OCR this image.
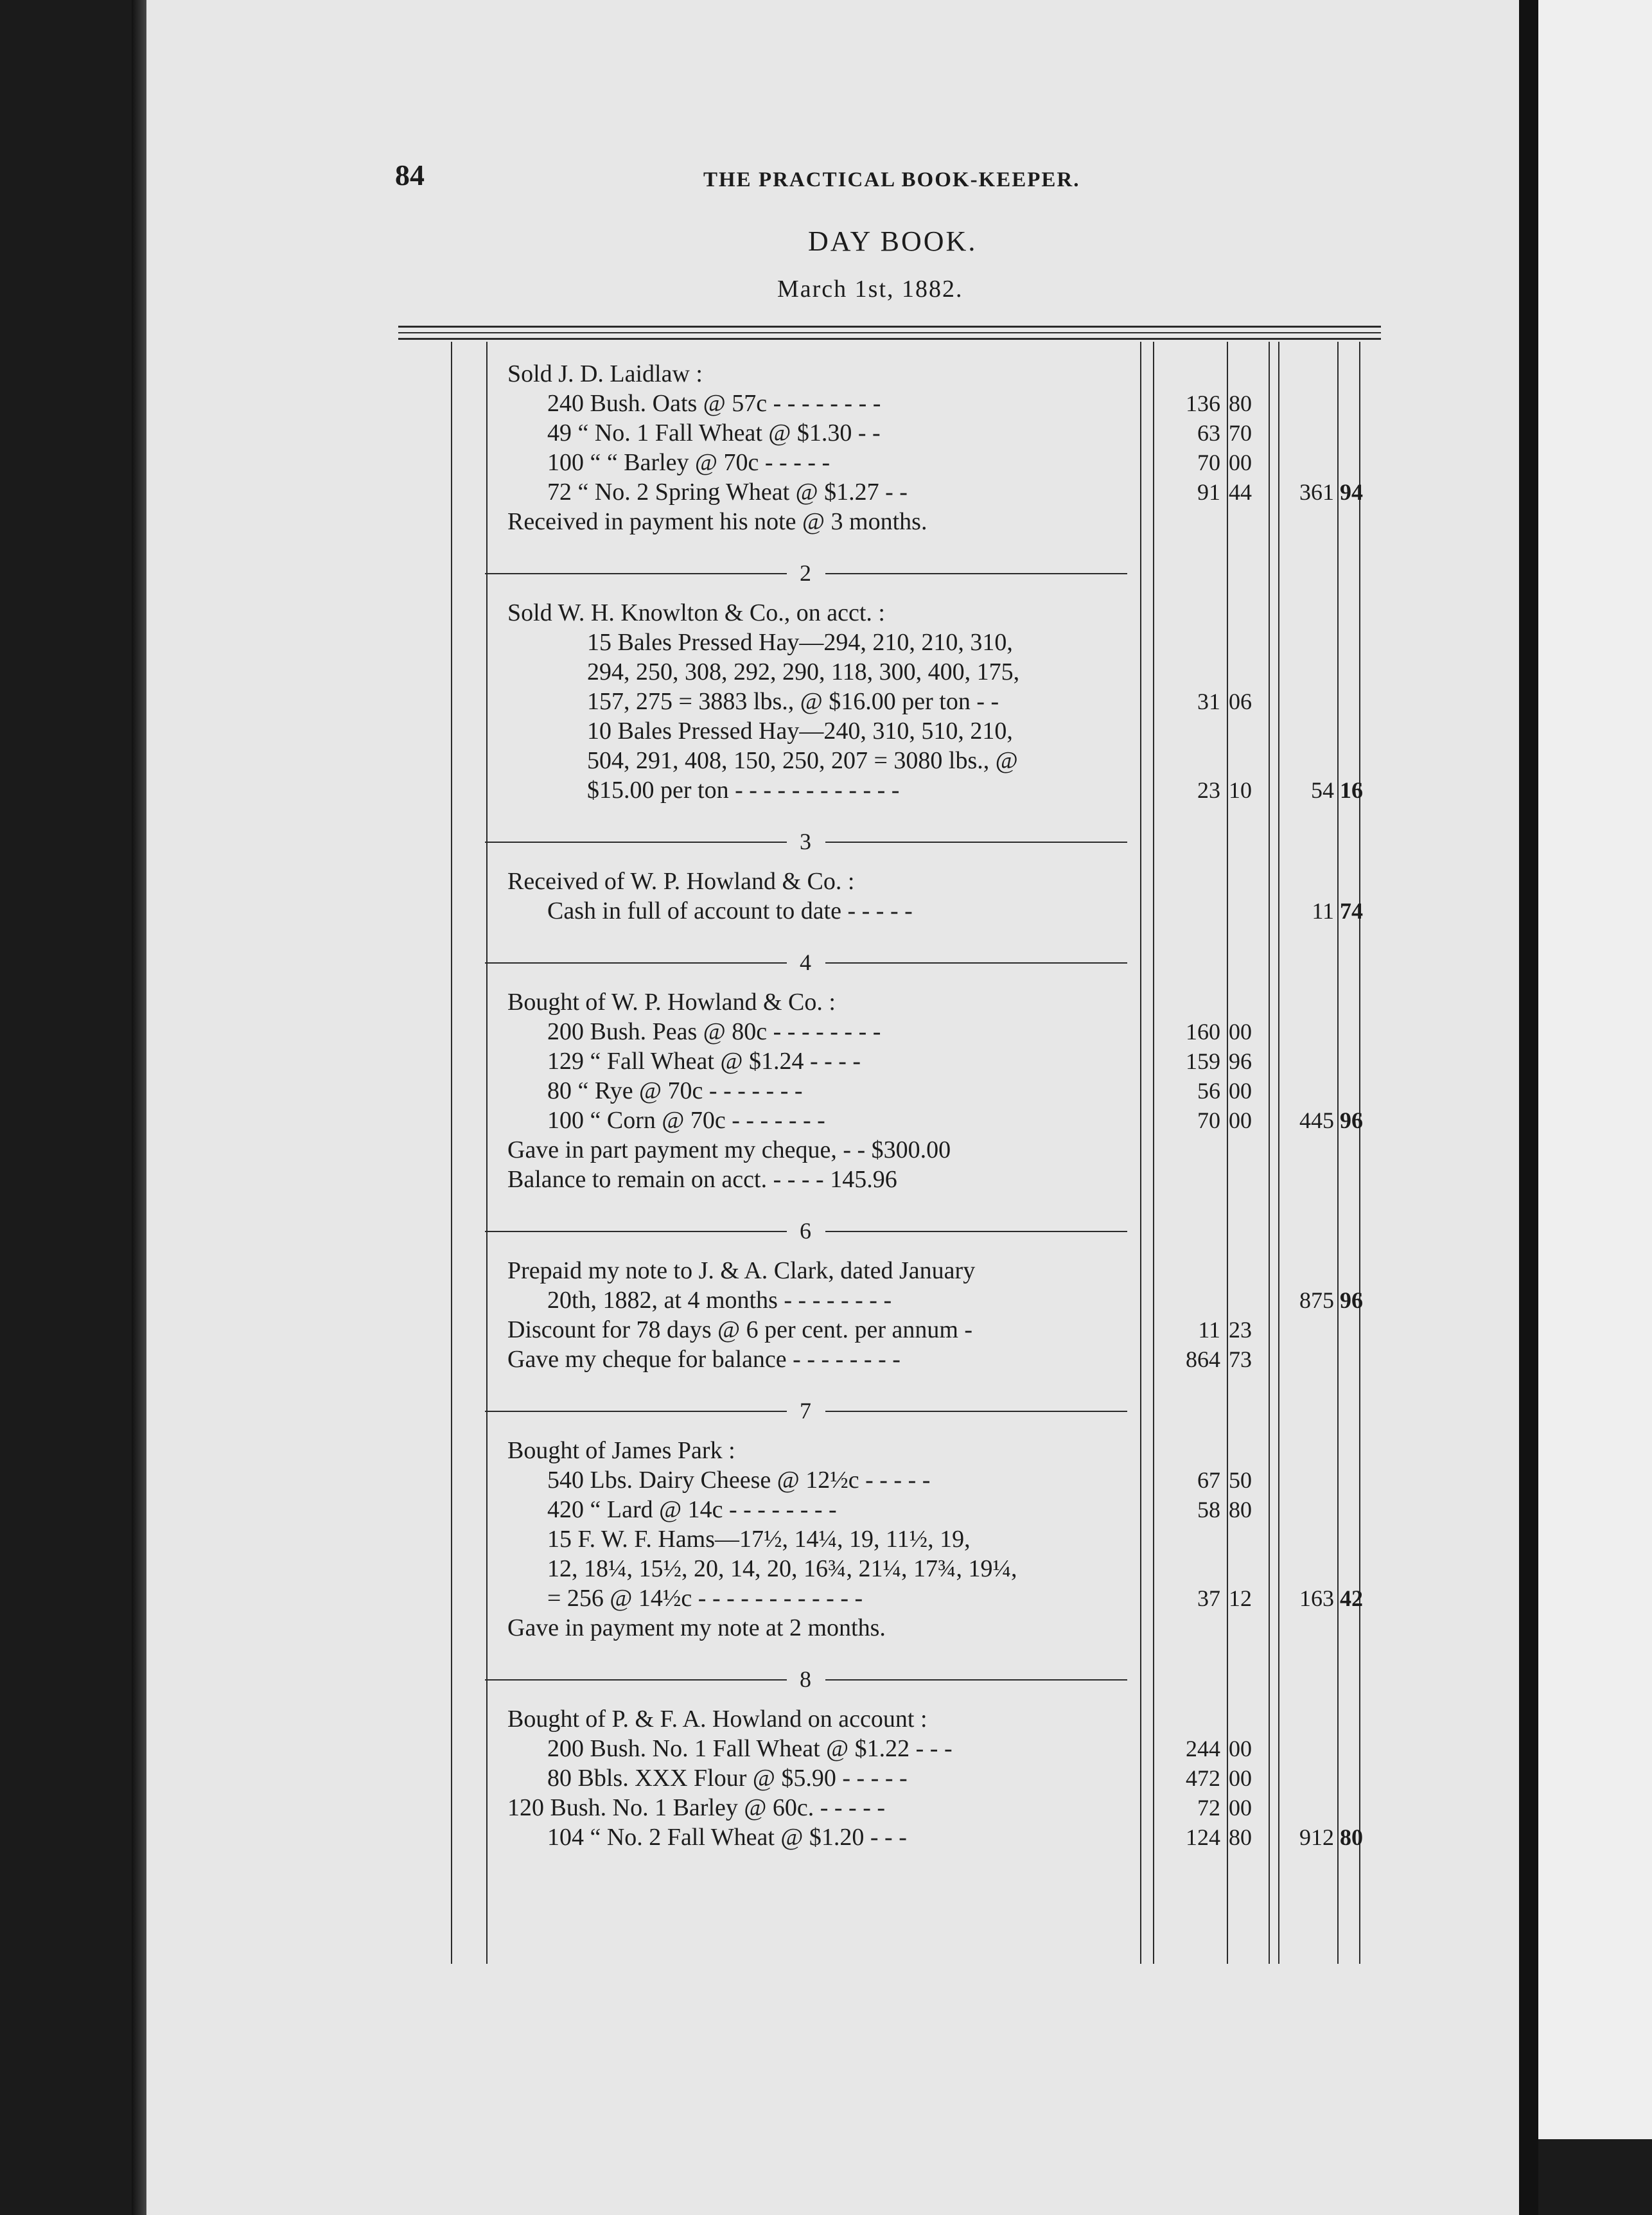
84	THE PRACTICAL BOOK-KEEPER.
DAY BOOK.
March 1st, 1882.
Sold J. D. Laidlaw :
240 Bush. Oats @ 57c - - - - - - - -	136 80
49 “ No. 1 Fall Wheat @ $1.30 - -	63 70
100 “ “ Barley @ 70c - - - - -	70 00
72 “ No. 2 Spring Wheat @ $1.27 - -	91 44	361 94
Received in payment his note @ 3 months.
2
Sold W. H. Knowlton & Co., on acct. :
15 Bales Pressed Hay—294, 210, 210, 310,
294, 250, 308, 292, 290, 118, 300, 400, 175,
157, 275 = 3883 lbs., @ $16.00 per ton - -	31 06
10 Bales Pressed Hay—240, 310, 510, 210,
504, 291, 408, 150, 250, 207 = 3080 lbs., @
$15.00 per ton - - - - - - - - - - - -	23 10	54 16
3
Received of W. P. Howland & Co. :
Cash in full of account to date - - - - -	11 74
4
Bought of W. P. Howland & Co. :
200 Bush. Peas @ 80c - - - - - - - -	160 00
129 “ Fall Wheat @ $1.24 - - - -	159 96
80 “ Rye @ 70c - - - - - - -	56 00
100 “ Corn @ 70c - - - - - - -	70 00	445 96
Gave in part payment my cheque, - - $300.00
Balance to remain on acct. - - - - 145.96
6
Prepaid my note to J. & A. Clark, dated January
20th, 1882, at 4 months - - - - - - - -	875 96
Discount for 78 days @ 6 per cent. per annum -	11 23
Gave my cheque for balance - - - - - - - -	864 73
7
Bought of James Park :
540 Lbs. Dairy Cheese @ 12½c - - - - -	67 50
420 “ Lard @ 14c - - - - - - - -	58 80
15 F. W. F. Hams—17½, 14¼, 19, 11½, 19,
12, 18¼, 15½, 20, 14, 20, 16¾, 21¼, 17¾, 19¼,
= 256 @ 14½c - - - - - - - - - - - -	37 12	163 42
Gave in payment my note at 2 months.
8
Bought of P. & F. A. Howland on account :
200 Bush. No. 1 Fall Wheat @ $1.22 - - -	244 00
80 Bbls. XXX Flour @ $5.90 - - - - -	472 00
120 Bush. No. 1 Barley @ 60c. - - - - -	72 00
104 “ No. 2 Fall Wheat @ $1.20 - - -	124 80	912 80
